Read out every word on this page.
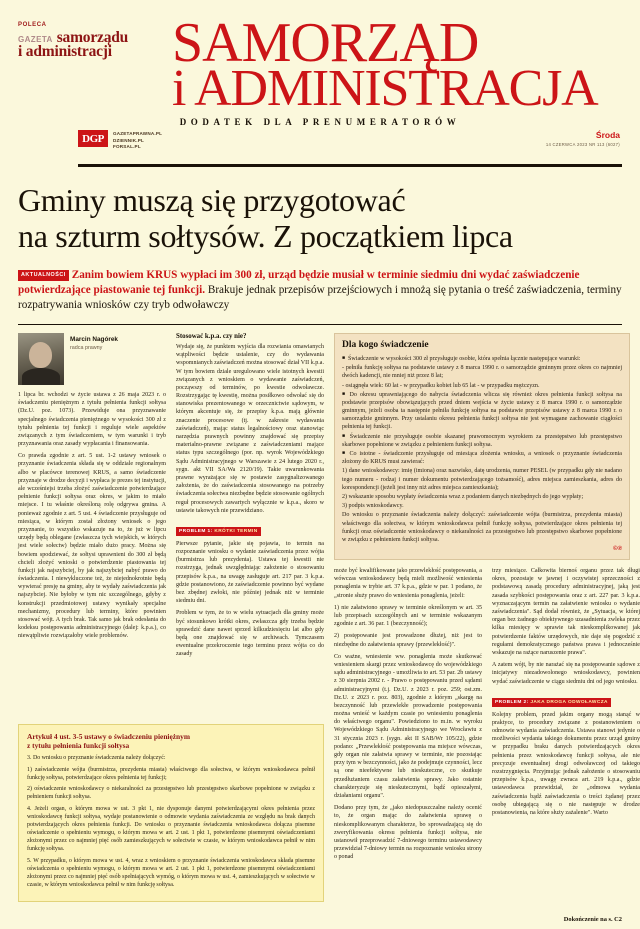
POLECA
GAZETA samorządu
i administracji	SAMORZĄD
i ADMINISTRACJA
DODATEK DLA PRENUMERATORÓW
DGP	GAZETAPRAWNA.PL
DZIENNIK.PL
FORSAL.PL
Środa
14 CZERWCA 2023 NR 113 (6027)
Gminy muszą się przygotować
na szturm sołtysów. Z początkiem lipca
AKTUALNOŚCI Zanim bowiem KRUS wypłaci im 300 zł, urząd będzie musiał w terminie siedmiu dni wydać zaświadczenie potwierdzające piastowanie tej funkcji. Brakuje jednak przepisów przejściowych i mnożą się pytania o treść zaświadczenia, terminy rozpatrywania wniosków czy tryb odwoławczy
Marcin Nagórek
radca prawny

1 lipca br. wchodzi w życie ustawa z 26 maja 2023 r. o świadczeniu pieniężnym z tytułu pełnienia funkcji sołtysa (Dz.U. poz. 1073). Przewiduje ona przyznawanie specjalnego świadczenia pieniężnego w wysokości 300 zł z tytułu pełnienia tej funkcji i reguluje wiele aspektów związanych z tym świadczeniem, w tym warunki i tryb przyznawania oraz zasady wypłacania i finansowania.

Co prawda zgodnie z art. 5 ust. 1-2 ustawy wniosek o przyznanie świadczenia składa się w oddziale regionalnym albo w placówce terenowej KRUS, a samo świadczenie przyznaje w drodze decyzji i wypłaca je prezes tej instytucji, ale wcześniejsi trzeba złożyć zaświadczenie potwierdzające pełnienie funkcji sołtysa oraz okres, w jakim to miało miejsce. I tu właśnie określoną rolę odgrywa gmina. A ponieważ zgodnie z art. 5 ust. 4 świadczenie przysługuje od miesiąca, w którym został złożony wniosek o jego przyznanie, to wszystko wskazuje na to, że już w lipcu urzędy będą oblegane (zwłaszcza tych wiejskich, w których jest wiele sołectw) będzie miało dużo pracy. Można się bowiem spodziewać, że sołtysi uprawnieni do 300 zł będą chcieli złożyć wnioski o potwierdzenie piastowania tej funkcji jak najszybciej, by jak najszybciej nabyć prawo do świadczenia. I niewykluczone też, że niejednokrotnie będą wywierać presję na gminy, aby te wydały zaświadczenia jak najszybciej. Nie byłoby w tym nic szczególnego, gdyby z konstrukcji przedmiotowej ustawy wynikały specjalne mechanizmy, procedury lub terminy, które powinien stosować wójt. A tych brak. Tak samo jak brak odesłania do kodeksu postępowania administracyjnego (dalej: k.p.a.), co niewątpliwie rozwiązałoby wiele problemów.

Stosować k.p.a. czy nie?

Wydaje się, że punktem wyjścia dla rozwiania omawianych wątpliwości będzie ustalenie, czy do wydawania wspomnianych zaświadczeń można stosować dział VII k.p.a. W tym bowiem dziale uregulowano wiele istotnych kwestii związanych z wnioskiem o wydawanie zaświadczeń, począwszy od terminów, po kwestie odwoławcze. Rozstrzygając tę kwestię, można posiłkowo odwołać się do stanowiska prezentowanego w orzecznictwie sądowym, w którym akcentuje się, że przepisy k.p.a. mają głównie znaczenie procesowe (tj. w zakresie wydawania zaświadczeń), mając status legalnościowy oraz stanowiąc narzędzia prawnych powinny znajdować się przepisy materialno-prawne związane z zaświadczeniami mające status typu szczególnego (por. np. wyrok Wojewódzkiego Sądu Administracyjnego w Warszawie z 24 lutego 2020 r., sygn. akt VII SA/Wa 2120/19). Takie uwarunkowania prawne wyrażające się w postawie zasygnalizowanego założenia, że do zaświadczenia stosowanego na potrzeby świadczenia sołectwa niezbędne będzie stosowanie ogólnych reguł procesowych zawartych wyłącznie w k.p.a., skoro w ustawie takowych nie przewidziano.

PROBLEM 1: KRÓTKI TERMIN

Pierwsze pytanie, jakie się pojawia, to termin na rozpoznanie wniosku o wydanie zaświadczenia przez wójta (burmistrza lub prezydenta). Ustawa tej kwestii nie rozstrzyga, jednak uwzględniając założenie o stosowaniu przepisów k.p.a., na uwagę zasługuje art. 217 par. 3 k.p.a. gdzie postanowiono, że zaświadczenie powinno być wydane bez zbędnej zwłoki, nie później jednak niż w terminie siedmiu dni.

Problem w tym, że to w wielu sytuacjach dla gminy może być stosunkowo krótki okres, zwłaszcza gdy trzeba będzie sprawdzić dane nawet sprzed kilkudziesięciu lat albo gdy będą one znajdować się w archiwach. Tymczasem ewentualne przekroczenie tego terminu przez wójta co do zasady

Dla kogo świadczenie

■ Świadczenie w wysokości 300 zł przysługuje osobie, która spełnia łącznie następujące warunki:

- pełniła funkcję sołtysa na podstawie ustawy z 8 marca 1990 r. o samorządzie gminnym przez okres co najmniej dwóch kadencji, nie mniej niż przez 8 lat;

- osiągnęła wiek: 60 lat - w przypadku kobiet lub 65 lat - w przypadku mężczyzn.

■ Do okresu uprawniającego do nabycia świadczenia wlicza się również okres pełnienia funkcji sołtysa na podstawie przepisów obowiązujących przed dniem wejścia w życie ustawy z 8 marca 1990 r. o samorządzie gminnym, jeżeli osoba ta następnie pełniła funkcję sołtysa na podstawie przepisów ustawy z 8 marca 1990 r. o samorządzie gminnym. Przy ustalaniu okresu pełnienia funkcji sołtysa nie jest wymagane zachowanie ciągłości pełnienia tej funkcji.

■ Świadczenie nie przysługuje osobie skazanej prawomocnym wyrokiem za przestępstwo lub przestępstwo skarbowe popełnione w związku z pełnieniem funkcji sołtysa.

■ Co istotne - świadczenie przysługuje od miesiąca złożenia wniosku, a wniosek o przyznanie świadczenia złożony do KRUS musi zawierać:

1) dane wnioskodawcy: imię (imiona) oraz nazwisko, datę urodzenia, numer PESEL (w przypadku gdy nie nadano tego numeru - rodzaj i numer dokumentu potwierdzającego tożsamość), adres miejsca zamieszkania, adres do korespondencji (jeżeli jest inny niż adres miejsca zamieszkania);

2) wskazanie sposobu wypłaty świadczenia wraz z podaniem danych niezbędnych do jego wypłaty;

3) podpis wnioskodawcy.

Do wniosku o przyznanie świadczenia należy dołączyć: zaświadczenie wójta (burmistrza, prezydenta miasta) właściwego dla sołectwa, w którym wnioskodawca pełnił funkcję sołtysa, potwierdzające okres pełnienia tej funkcji oraz oświadczenie wnioskodawcy o niekaralności za przestępstwo lub przestępstwo skarbowe popełnione w związku z pełnieniem funkcji sołtysa.

©℗

może być kwalifikowane jako przewlekłość postępowania, a wówczas wnioskodawcy będą mieli możliwość wniesienia ponaglenia w trybie art. 37 k.p.a., gdzie w par. 1 podano, że „stronie służy prawo do wniesienia ponaglenia, jeżeli:

1) nie załatwiono sprawy w terminie określonym w art. 35 lub przepisach szczególnych ani w terminie wskazanym zgodnie z art. 36 par. 1 (bezczynność);

2) postępowanie jest prowadzone dłużej, niż jest to niezbędne do załatwienia sprawy (przewlekłość)".

Co ważne, wniesienie ww. ponaglenia może skutkować wniesieniem skargi przez wnioskodawcę do wojewódzkiego sądu administracyjnego - umożliwia to art. 53 par. 2b ustawy z 30 sierpnia 2002 r. - Prawo o postępowaniu przed sądami administracyjnymi (t.j. Dz.U. z 2023 r. poz. 259; ost.zm. Dz.U. z 2023 r. poz. 803), zgodnie z którym „skargę na bezczynność lub przewlekłe prowadzenie postępowania można wnieść w każdym czasie po wniesieniu ponaglenia do właściwego organu". Powiedziono to m.in. w wyroku Wojewódzkiego Sądu Administracyjnego we Wrocławiu z 31 stycznia 2023 r. (sygn. akt II SAB/Wr 105/22), gdzie podano: „Przewlekłość postępowania ma miejsce wówczas, gdy organ nie załatwia sprawy w terminie, nie pozostając przy tym w bezczynności, jako że podejmuje czynności, lecz są one nieefektywne lub nieskuteczne, co skutkuje przedłużaniem czasu załatwienia sprawy. Jako ostatnie charakteryzuje się nieskutecznymi, bądź opieszałymi, działaniami organu".

Dodano przy tym, że „jako niedopuszczalne należy ocenić to, że organ mając do załatwienia sprawę o nieskomplikowanym charakterze, bo sprowadzającą się do zweryfikowania okresu pełnienia funkcji sołtysa, nie ustanowił przeprowadzić 7-dniowego terminu ustawodawcy przewidział 7-dniowy termin na rozpoznanie wniosku strony o ponad

trzy miesiące. Całkowita biernoś organu przez tak długi okres, pozostaje w jawnej i oczywistej sprzeczności z podstawową zasadą procedury administracyjnej, jaką jest zasada szybkości postępowania oraz z art. 227 par. 3 k.p.a. wyznaczającym termin na załatwienie wniosku o wydanie zaświadczenia". Sąd dodał również, że „Sytuacja, w której organ bez żadnego obiektywnego uzasadnienia zwleka przez kilka miesięcy w sprawie tak nieskomplikowanej jak potwierdzenie faktów urzędowych, nie daje się pogodzić z regułami demokratycznego państwa prawa i jednocześnie wskazuje na rażące naruszenie prawa".

A zatem wójt, by nie narażać się na postępowanie sądowe z inicjatywy niezadowolonego wnioskodawcy, powinien wydać zaświadczenie w ciągu siedmiu dni od jego wniosku.

PROBLEM 2: JAKA DROGA ODWOŁAWCZA

Kolejny problem, przed jakim organy mogą stanąć w praktyce, to procedury związane z postanowieniem o odmowie wydania zaświadczenia. Ustawa stanowi jedynie o możliwości wydania takiego dokumentu przez urząd gminy w przypadku braku danych potwierdzających okres pełnienia przez wnioskodawcę funkcji sołtysa, ale nie precyzuje ewentualnej drogi odwoławczej od takiego rozstrzygnięcia. Przyjmując jednak założenie o stosowaniu przepisów k.p.a., uwagę zwraca art. 219 k.p.a., gdzie ustawodawca przewidział, że „odmowa wydania zaświadczenia bądź zaświadczenia o treści żądanej przez osobę ubiegającą się o nie następuje w drodze postanowienia, na które służy zażalenie". Warto

Artykuł 4 ust. 3-5 ustawy o świadczeniu pieniężnym
z tytułu pełnienia funkcji sołtysa

3. Do wniosku o przyznanie świadczenia należy dołączyć:

1) zaświadczenie wójta (burmistrza, prezydenta miasta) właściwego dla sołectwa, w którym wnioskodawca pełnił funkcję sołtysa, potwierdzające okres pełnienia tej funkcji;

2) oświadczenie wnioskodawcy o niekaralności za przestępstwo lub przestępstwo skarbowe popełnione w związku z pełnieniem funkcji sołtysa.

4. Jeżeli organ, o którym mowa w ust. 3 pkt 1, nie dysponuje danymi potwierdzającymi okres pełnienia przez wnioskodawcę funkcji sołtysa, wydaje postanowienie o odmowie wydania zaświadczenia ze względu na brak danych potwierdzających okres pełnienia funkcji. Do wniosku o przyznanie świadczenia wnioskodawca dołącza pisemne oświadczenie o spełnieniu wymogu, o którym mowa w art. 2 ust. 1 pkt 1, potwierdzone pisemnymi oświadczeniami złożonymi przez co najmniej pięć osób zamieszkujących w sołectwie w czasie, w którym wnioskodawca pełnił w nim funkcję sołtysa.

5. W przypadku, o którym mowa w ust. 4, wraz z wnioskiem o przyznanie świadczenia wnioskodawca składa pisemne oświadczenia o spełnieniu wymogu, o którym mowa w art. 2 ust. 1 pkt 1, potwierdzone pisemnymi oświadczeniami złożonymi przez co najmniej pięć osób spełniających wymóg, o którym mowa w ust. 4, zamieszkujących w sołectwie w czasie, w którym wnioskodawca pełnił w nim funkcję sołtysa.

Dokończenie na s. C2
